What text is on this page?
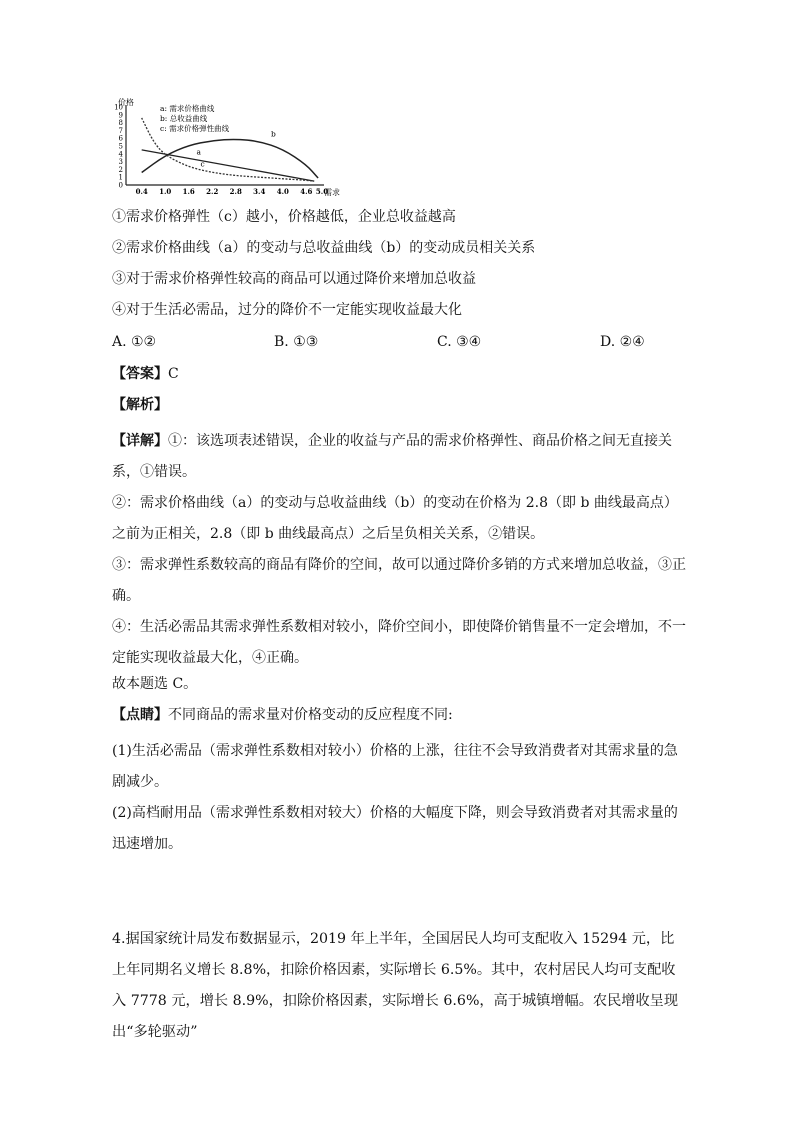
0
1
2
3
4
5
6
7
8
9
10
0.4 1.0 1.6 2.2 2.8 3.4 4.0 4.6 5.0
a
b
c
价格
需求
a: 需求价格曲线
b: 总收益曲线
c: 需求价格弹性曲线
①需求价格弹性（c）越小，价格越低，企业总收益越高
②需求价格曲线（a）的变动与总收益曲线（b）的变动成员相关关系
③对于需求价格弹性较高的商品可以通过降价来增加总收益
④对于生活必需品，过分的降价不一定能实现收益最大化
A. ①②	B. ①③	C. ③④	D. ②④
【答案】C
【解析】
【详解】①：该选项表述错误，企业的收益与产品的需求价格弹性、商品价格之间无直接关系，①错误。
②：需求价格曲线（a）的变动与总收益曲线（b）的变动在价格为 2.8（即 b 曲线最高点）之前为正相关，2.8（即 b 曲线最高点）之后呈负相关关系，②错误。
③：需求弹性系数较高的商品有降价的空间，故可以通过降价多销的方式来增加总收益，③正确。
④：生活必需品其需求弹性系数相对较小，降价空间小，即使降价销售量不一定会增加，不一定能实现收益最大化，④正确。
故本题选 C。
【点睛】不同商品的需求量对价格变动的反应程度不同:
(1)生活必需品（需求弹性系数相对较小）价格的上涨，往往不会导致消费者对其需求量的急剧减少。
(2)高档耐用品（需求弹性系数相对较大）价格的大幅度下降，则会导致消费者对其需求量的迅速增加。
4.据国家统计局发布数据显示，2019 年上半年，全国居民人均可支配收入 15294 元，比上年同期名义增长 8.8%，扣除价格因素，实际增长 6.5%。其中，农村居民人均可支配收入 7778 元，增长 8.9%，扣除价格因素，实际增长 6.6%，高于城镇增幅。农民增收呈现出“多轮驱动”
